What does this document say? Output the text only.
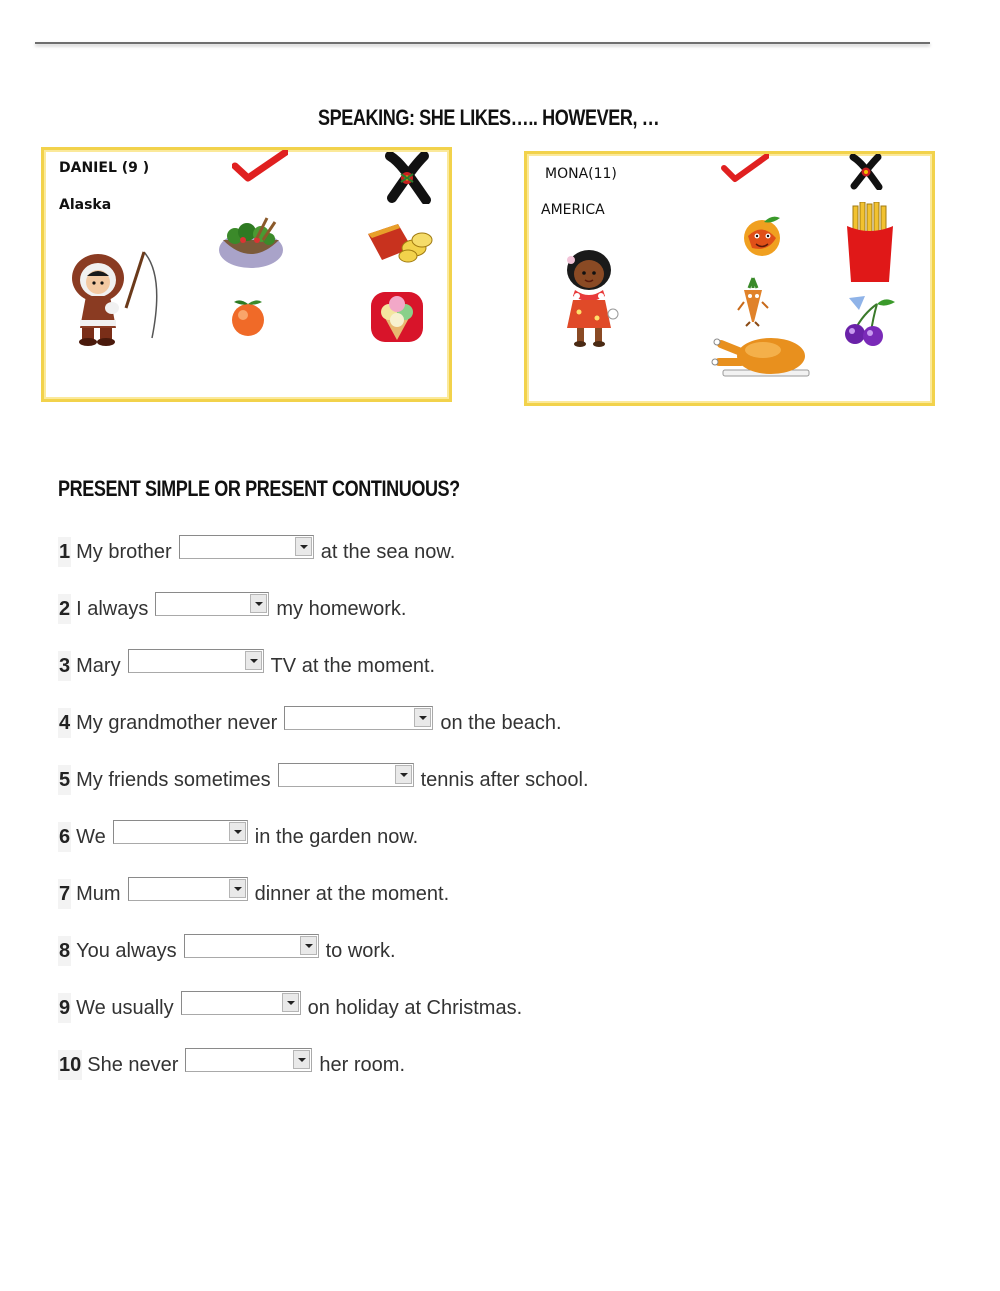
SPEAKING: SHE LIKES….. HOWEVER, …
DANIEL (9 )
Alaska
MONA(11)
AMERICA
PRESENT SIMPLE OR PRESENT CONTINUOUS?
1 My brother	at the sea now.
2 I always	my homework.
3 Mary	TV at the moment.
4 My grandmother never	on the beach.
5 My friends sometimes	tennis after school.
6 We	in the garden now.
7 Mum	dinner at the moment.
8 You always	to work.
9 We usually	on holiday at Christmas.
10 She never	her room.
